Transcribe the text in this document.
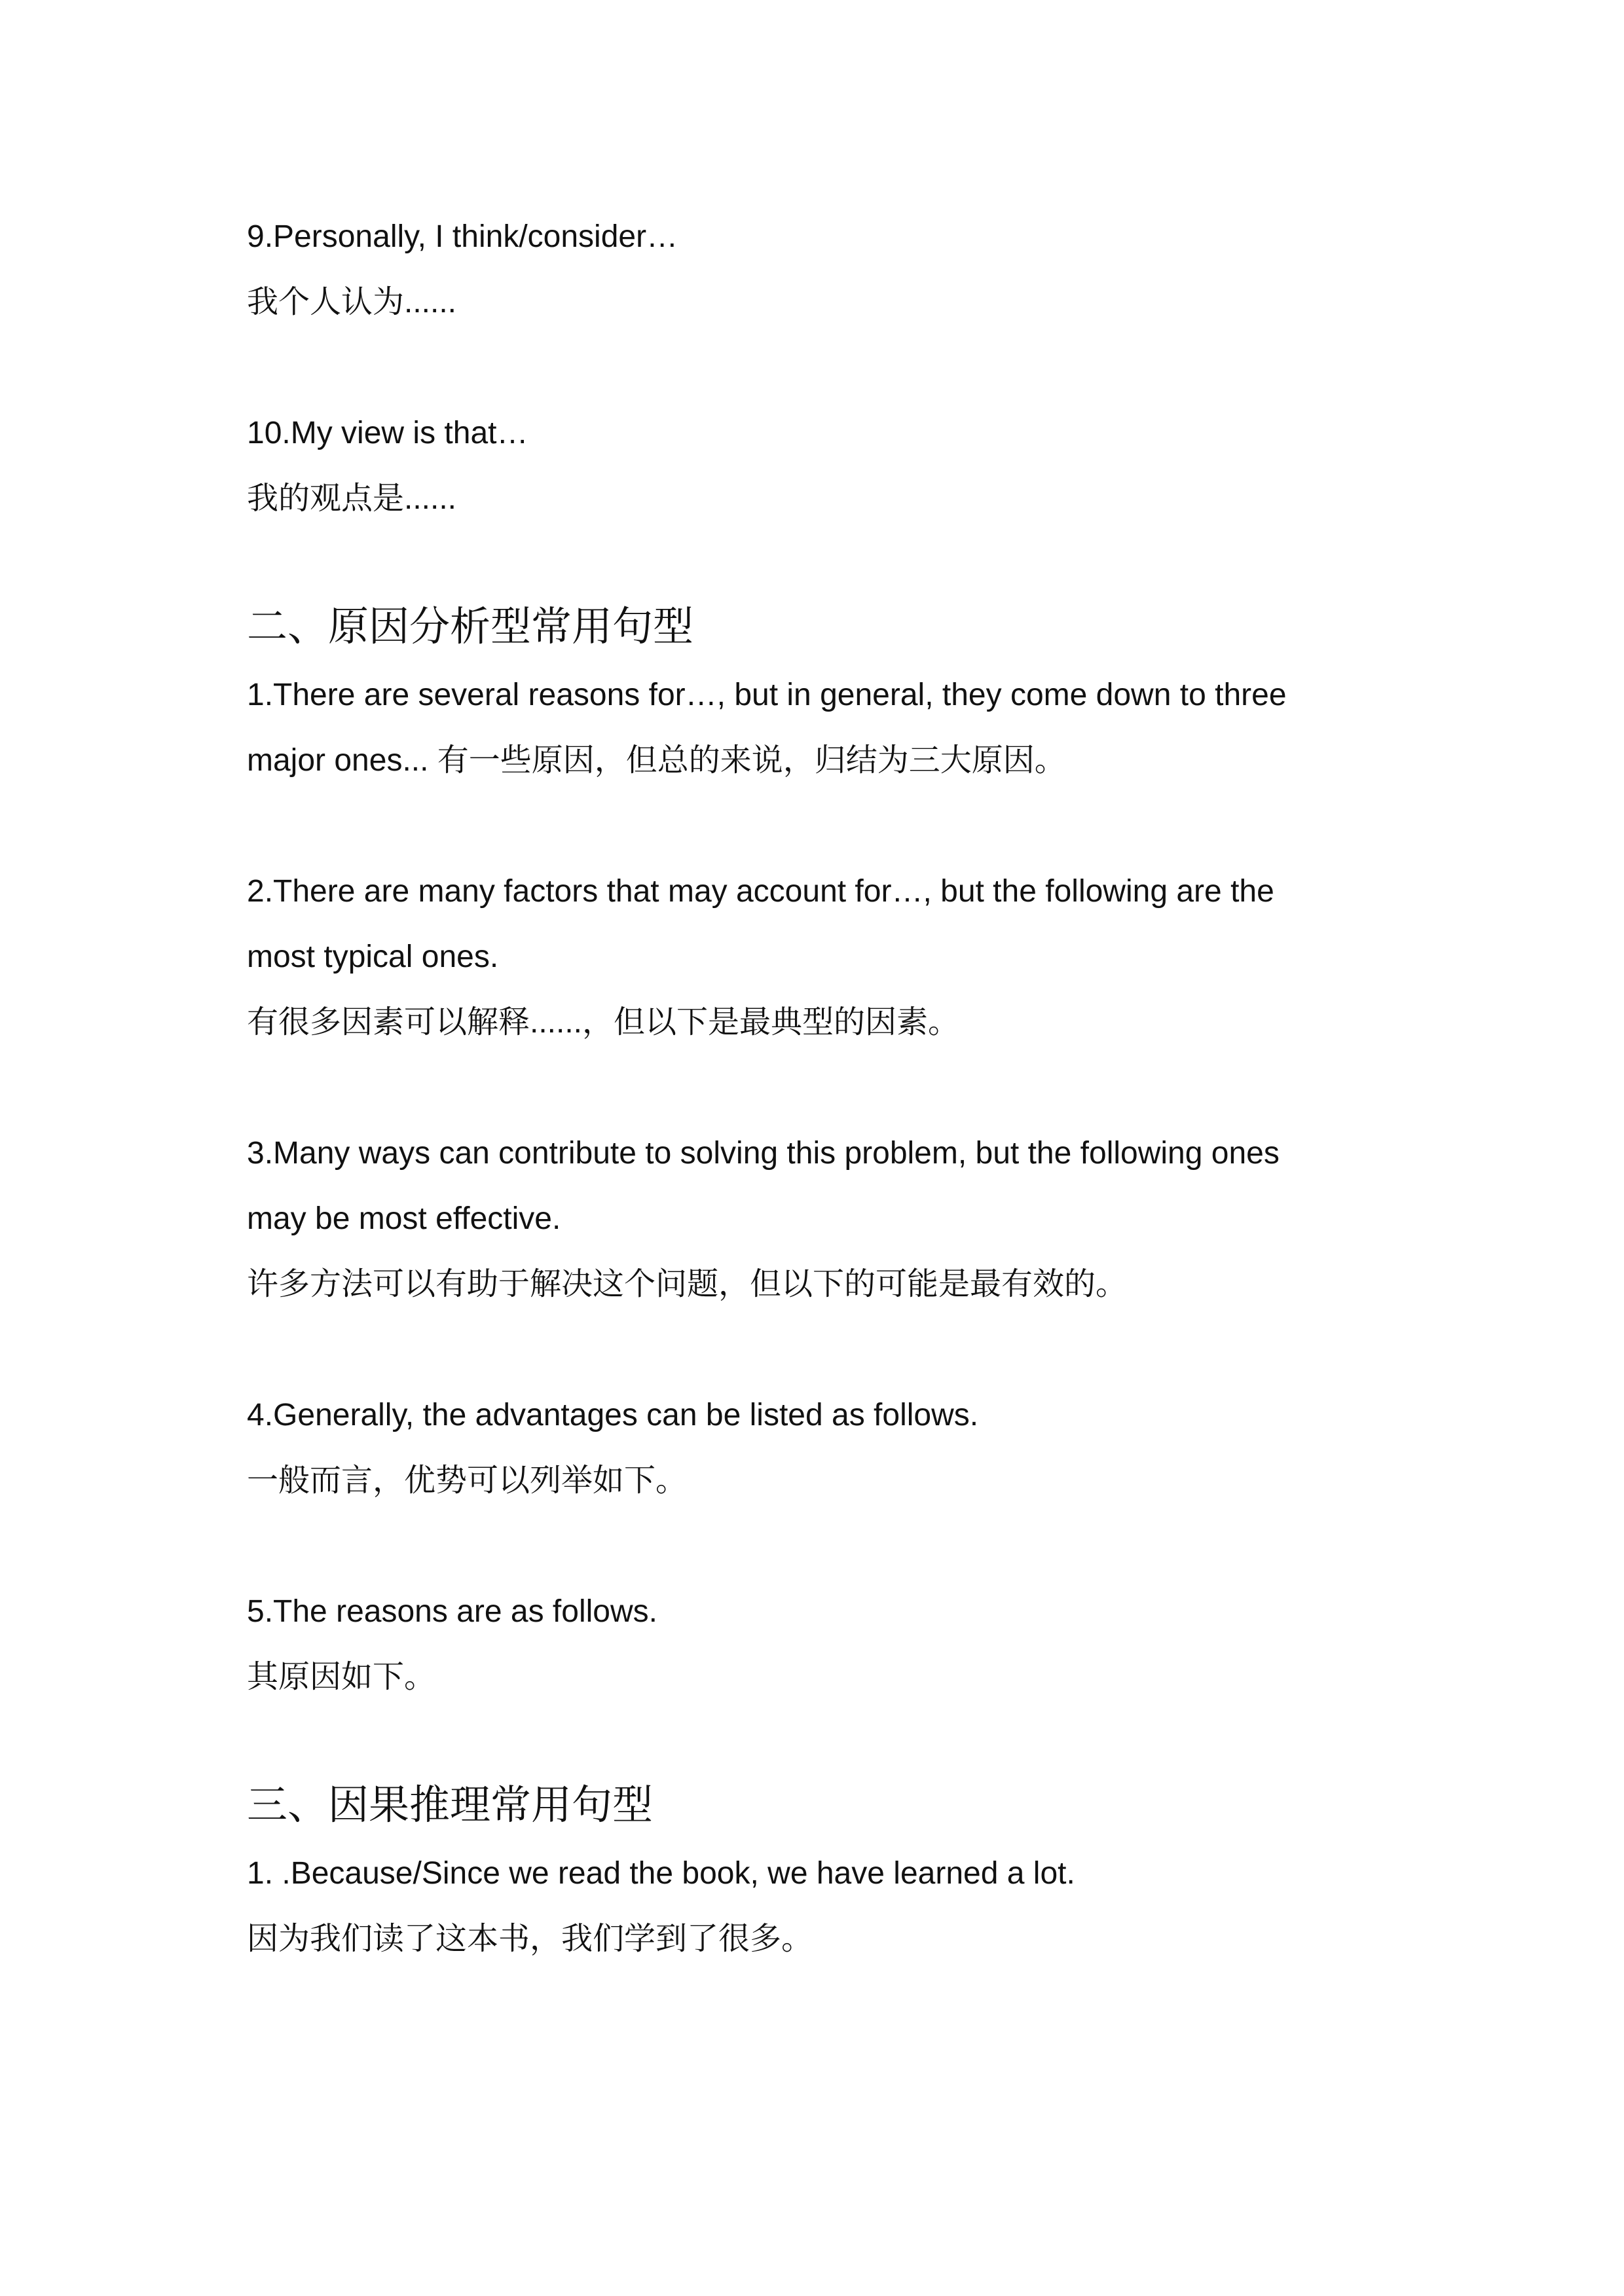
9.Personally, I think/consider…
我个人认为......
10.My view is that…
我的观点是......
二、原因分析型常用句型
1.There are several reasons for…, but in general, they come down to three
major ones... 有一些原因，但总的来说，归结为三大原因。
2.There are many factors that may account for…, but the following are the
most typical ones.
有很多因素可以解释......，但以下是最典型的因素。
3.Many ways can contribute to solving this problem, but the following ones
may be most effective.
许多方法可以有助于解决这个问题，但以下的可能是最有效的。
4.Generally, the advantages can be listed as follows.
一般而言，优势可以列举如下。
5.The reasons are as follows.
其原因如下。
三、因果推理常用句型
1. .Because/Since we read the book, we have learned a lot.
因为我们读了这本书，我们学到了很多。
